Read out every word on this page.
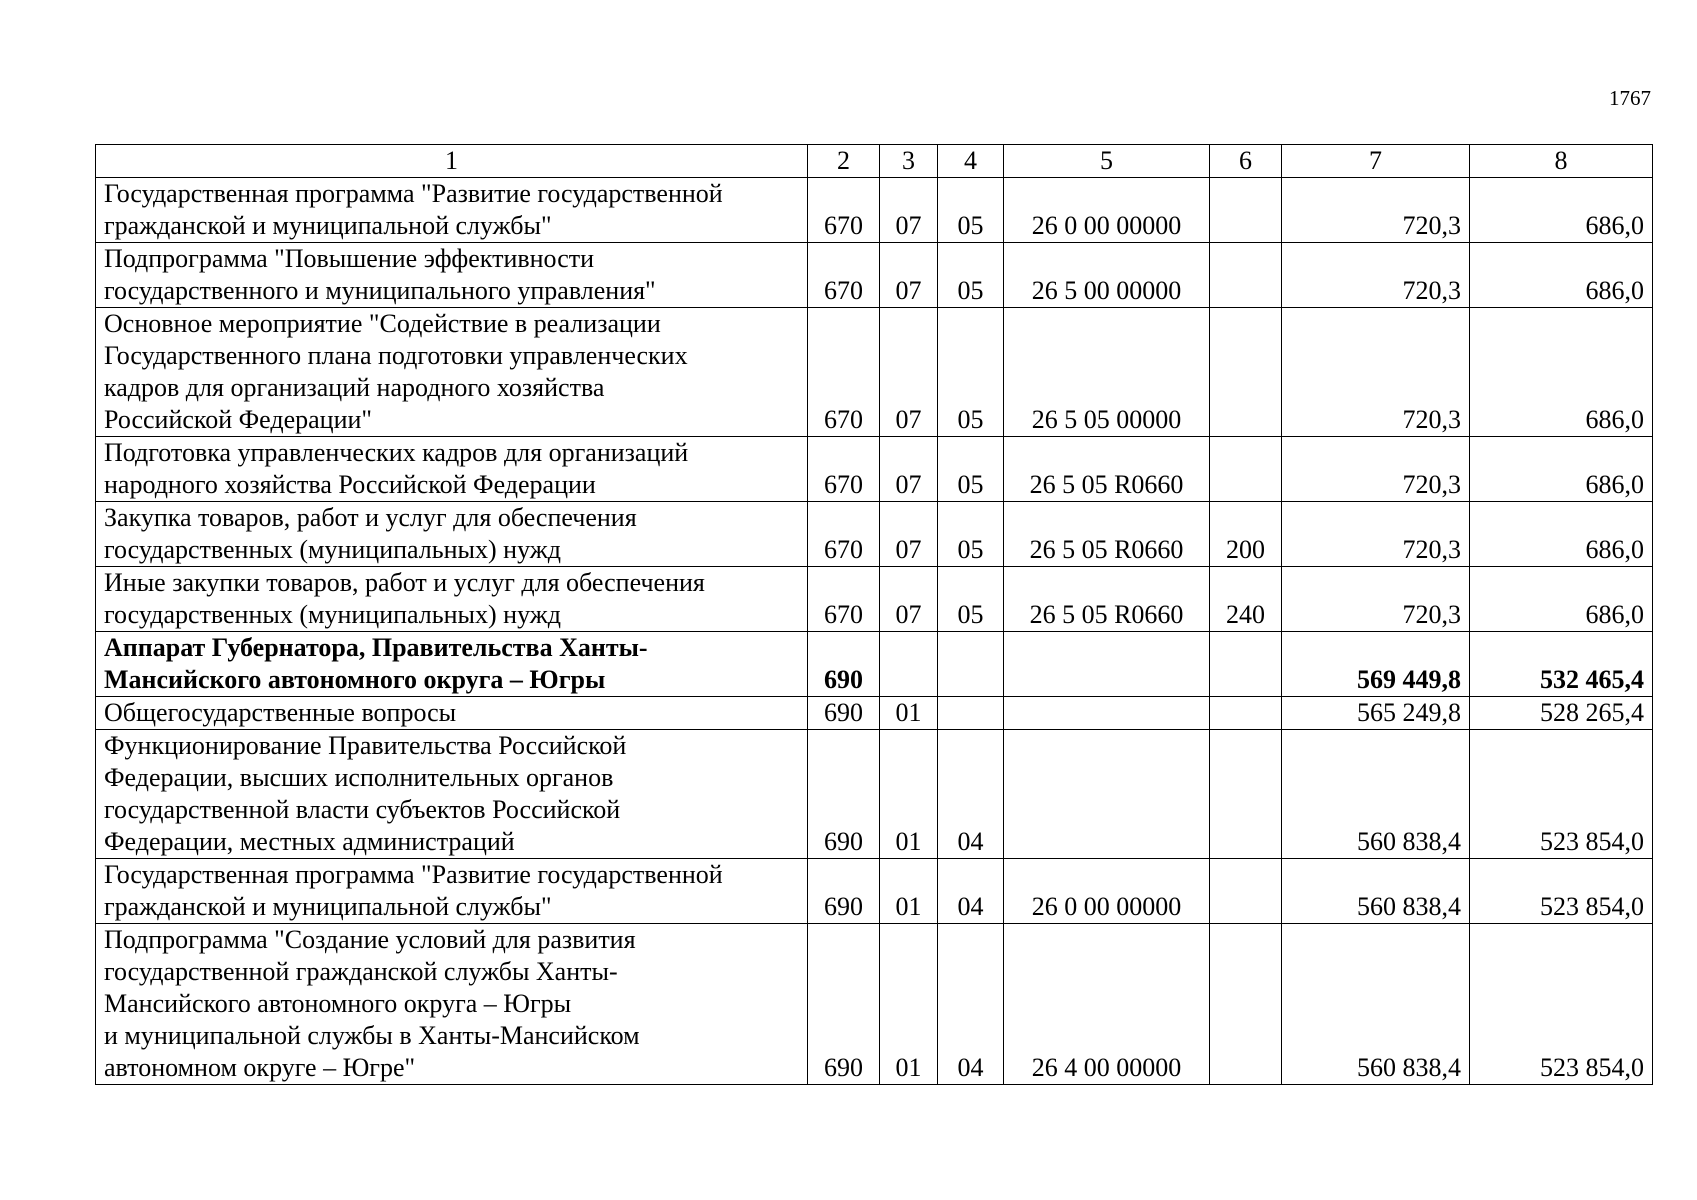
1767
1	2	3	4	5	6	7	8

Государственная программа "Развитие государственной
гражданской и муниципальной службы"	670	07	05	26 0 00 00000		720,3	686,0

Подпрограмма "Повышение эффективности
государственного и муниципального управления"	670	07	05	26 5 00 00000		720,3	686,0

Основное мероприятие "Содействие в реализации
Государственного плана подготовки управленческих
кадров для организаций народного хозяйства
Российской Федерации"	670	07	05	26 5 05 00000		720,3	686,0

Подготовка управленческих кадров для организаций
народного хозяйства Российской Федерации	670	07	05	26 5 05 R0660		720,3	686,0

Закупка товаров, работ и услуг для обеспечения
государственных (муниципальных) нужд	670	07	05	26 5 05 R0660	200	720,3	686,0

Иные закупки товаров, работ и услуг для обеспечения
государственных (муниципальных) нужд	670	07	05	26 5 05 R0660	240	720,3	686,0

Аппарат Губернатора, Правительства Ханты-
Мансийского автономного округа – Югры	690					569 449,8	532 465,4

Общегосударственные вопросы	690	01				565 249,8	528 265,4

Функционирование Правительства Российской
Федерации, высших исполнительных органов
государственной власти субъектов Российской
Федерации, местных администраций	690	01	04			560 838,4	523 854,0

Государственная программа "Развитие государственной
гражданской и муниципальной службы"	690	01	04	26 0 00 00000		560 838,4	523 854,0

Подпрограмма "Создание условий для развития
государственной гражданской службы Ханты-
Мансийского автономного округа – Югры
и муниципальной службы в Ханты-Мансийском
автономном округе – Югре"	690	01	04	26 4 00 00000		560 838,4	523 854,0
